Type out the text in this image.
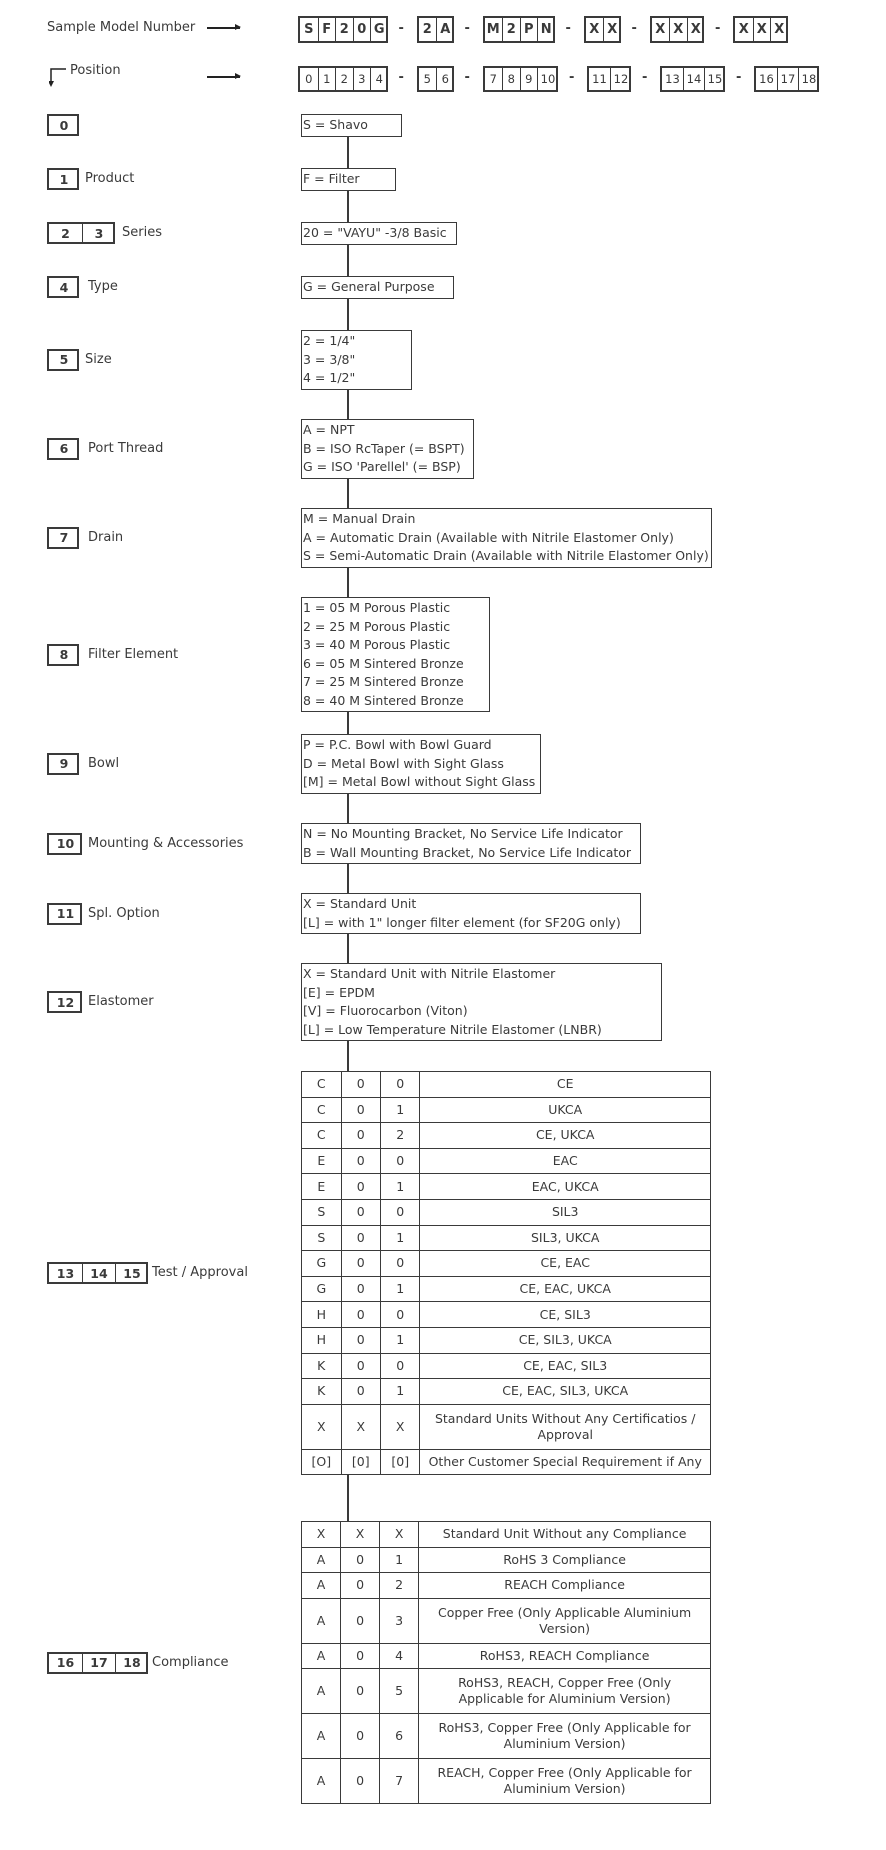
Sample Model Number
Position
S F 2 0 G -	2 A - M 2 P N - X X - X X X - X X X
0 1 2 3 4	-	5 6	-	7 8 9 10 - 11 12 - 13 14 15 - 16 17 18
S = Shavo
0
F = Filter
1	Product
20 = "VAYU" -3/8 Basic
2	3	Series
G = General Purpose
4	Type
2 = 1/4"
3 = 3/8"
4 = 1/2"
5	Size
A = NPT
B = ISO RcTaper (= BSPT)
G = ISO 'Parellel' (= BSP)
6	Port Thread
M = Manual Drain
A = Automatic Drain (Available with Nitrile Elastomer Only)
S = Semi-Automatic Drain (Available with Nitrile Elastomer Only)
7	Drain
1 = 05 M Porous Plastic
2 = 25 M Porous Plastic
3 = 40 M Porous Plastic
6 = 05 M Sintered Bronze
7 = 25 M Sintered Bronze
8 = 40 M Sintered Bronze
8	Filter Element
P = P.C. Bowl with Bowl Guard
D = Metal Bowl with Sight Glass
[M] = Metal Bowl without Sight Glass
9	Bowl
N = No Mounting Bracket, No Service Life Indicator
B = Wall Mounting Bracket, No Service Life Indicator
10	Mounting & Accessories
X = Standard Unit
[L] = with 1" longer filter element (for SF20G only)
11	Spl. Option
X = Standard Unit with Nitrile Elastomer
[E] = EPDM
[V] = Fluorocarbon (Viton)
[L] = Low Temperature Nitrile Elastomer (LNBR)
12	Elastomer
C	0	0	CE
C	0	1	UKCA
C	0	2	CE, UKCA
E	0	0	EAC
E	0	1	EAC, UKCA
S	0	0	SIL3
S	0	1	SIL3, UKCA
G	0	0	CE, EAC
G	0	1	CE, EAC, UKCA
H	0	0	CE, SIL3
H	0	1	CE, SIL3, UKCA
K	0	0	CE, EAC, SIL3
K	0	1	CE, EAC, SIL3, UKCA
X	X	X	Standard Units Without Any Certificatios / Approval
[O]	[0]	[0]	Other Customer Special Requirement if Any
13	14	15 Test / Approval
X	X	X	Standard Unit Without any Compliance
A	0	1	RoHS 3 Compliance
A	0	2	REACH Compliance
A	0	3	Copper Free (Only Applicable Aluminium Version)
A	0	4	RoHS3, REACH Compliance
A	0	5	RoHS3, REACH, Copper Free (Only Applicable for Aluminium Version)
A	0	6	RoHS3, Copper Free (Only Applicable for Aluminium Version)
A	0	7	REACH, Copper Free (Only Applicable for Aluminium Version)
16	17	18 Compliance
